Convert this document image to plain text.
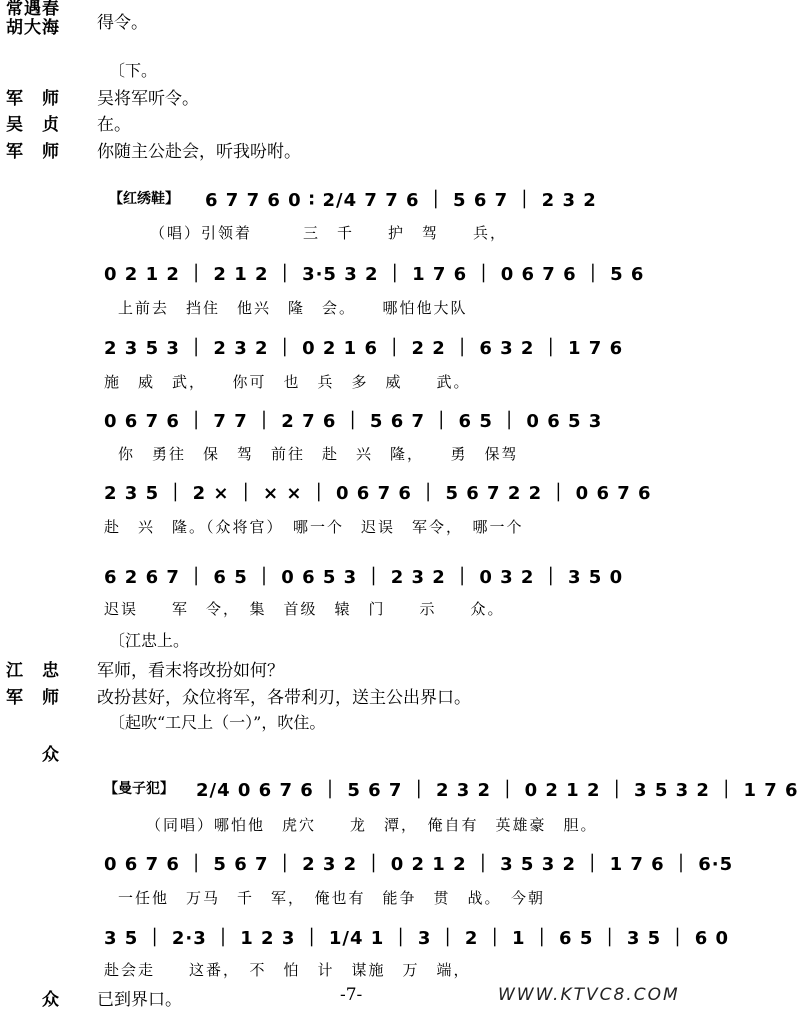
常遇春
胡大海 得令。
〔下。
军　师 吴将军听令。
吴　贞 在。
军　师 你随主公赴会，听我吩咐。
【红绣鞋】 6 7 7 6 0 ∶ 2/4 7 7 6 ｜ 5 6 7 ｜ 2 3 2
（唱）引领着　　　三　千　　护　驾　　兵，
0 2 1 2 ｜ 2 1 2 ｜ 3·5 3 2 ｜ 1 7 6 ｜ 0 6 7 6 ｜ 5 6
上前去　挡住　他兴　隆　会。　　哪怕他大队
2 3 5 3 ｜ 2 3 2 ｜ 0 2 1 6 ｜ 2 2 ｜ 6 3 2 ｜ 1 7 6
施　威　武，　　你可　也　兵　多　威　　武。
0 6 7 6 ｜ 7 7 ｜ 2 7 6 ｜ 5 6 7 ｜ 6 5 ｜ 0 6 5 3
你　勇往　保　驾　前往　赴　兴　隆，　　勇　保驾
2 3 5 ｜ 2 × ｜ × × ｜ 0 6 7 6 ｜ 5 6 7 2 2 ｜ 0 6 7 6
赴　兴　隆。（众将官）　哪一个　迟误　军令，　哪一个
6 2 6 7 ｜ 6 5 ｜ 0 6 5 3 ｜ 2 3 2 ｜ 0 3 2 ｜ 3 5 0
迟误　　军　令，　集　首级　辕　门　　示　　众。
〔江忠上。
江　忠 军师，看末将改扮如何？
军　师 改扮甚好，众位将军，各带利刃，送主公出界口。
〔起吹“工尺上（一）”，吹住。
众
【曼子犯】 2/4 0 6 7 6 ｜ 5 6 7 ｜ 2 3 2 ｜ 0 2 1 2 ｜ 3 5 3 2 ｜ 1 7 6
（同唱）哪怕他　虎穴　　龙　潭，　俺自有　英雄豪　胆。
0 6 7 6 ｜ 5 6 7 ｜ 2 3 2 ｜ 0 2 1 2 ｜ 3 5 3 2 ｜ 1 7 6 ｜ 6·5
一任他　万马　千　军，　俺也有　能争　贯　战。　今朝
3 5 ｜ 2·3 ｜ 1 2 3 ｜ 1/4 1 ｜ 3 ｜ 2 ｜ 1 ｜ 6 5 ｜ 3 5 ｜ 6 0
赴会走　　这番，　不　怕　计　谋施　万　端，
众 已到界口。	-7-	WWW.KTVC8.COM
